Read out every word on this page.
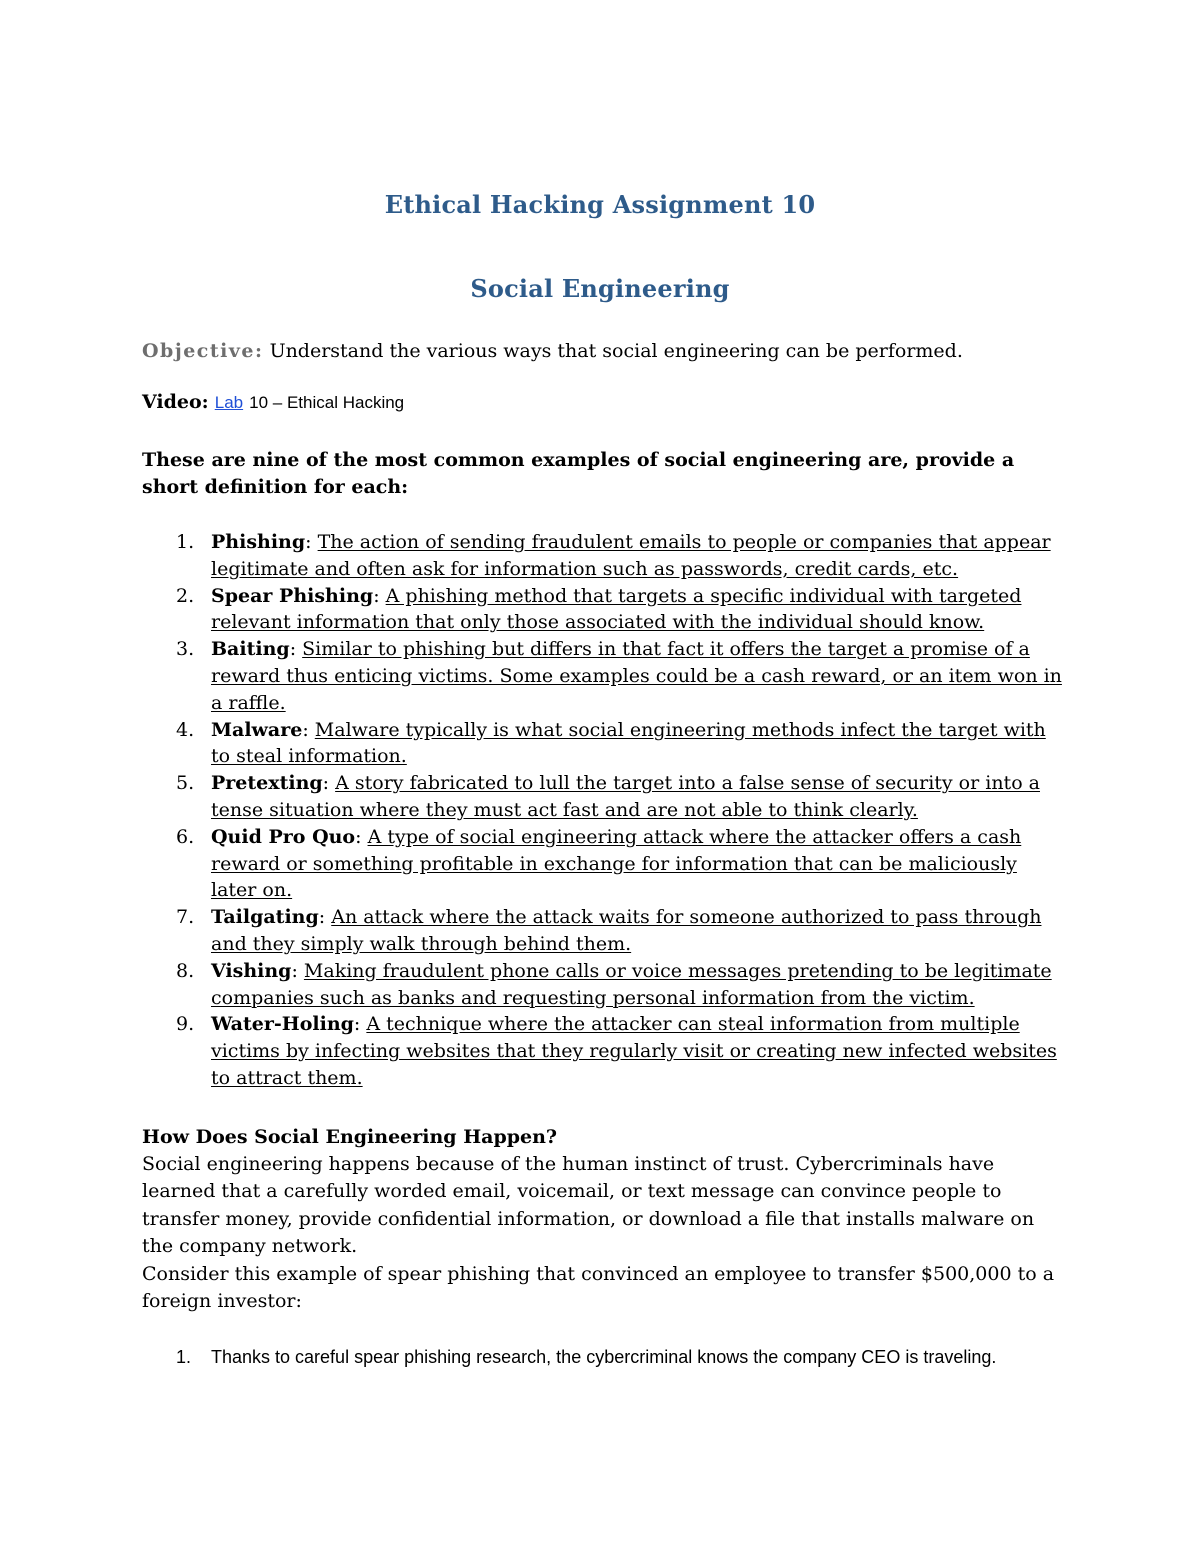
Ethical Hacking Assignment 10
Social Engineering
Objective: Understand the various ways that social engineering can be performed.
Video: Lab 10 – Ethical Hacking
These are nine of the most common examples of social engineering are, provide a short definition for each:
1. Phishing: The action of sending fraudulent emails to people or companies that appear legitimate and often ask for information such as passwords, credit cards, etc.
2. Spear Phishing: A phishing method that targets a specific individual with targeted relevant information that only those associated with the individual should know.
3. Baiting: Similar to phishing but differs in that fact it offers the target a promise of a reward thus enticing victims. Some examples could be a cash reward, or an item won in a raffle.
4. Malware: Malware typically is what social engineering methods infect the target with to steal information.
5. Pretexting: A story fabricated to lull the target into a false sense of security or into a tense situation where they must act fast and are not able to think clearly.
6. Quid Pro Quo: A type of social engineering attack where the attacker offers a cash reward or something profitable in exchange for information that can be maliciously later on.
7. Tailgating: An attack where the attack waits for someone authorized to pass through and they simply walk through behind them.
8. Vishing: Making fraudulent phone calls or voice messages pretending to be legitimate companies such as banks and requesting personal information from the victim.
9. Water-Holing: A technique where the attacker can steal information from multiple victims by infecting websites that they regularly visit or creating new infected websites to attract them.
How Does Social Engineering Happen?
Social engineering happens because of the human instinct of trust. Cybercriminals have learned that a carefully worded email, voicemail, or text message can convince people to transfer money, provide confidential information, or download a file that installs malware on the company network.
Consider this example of spear phishing that convinced an employee to transfer $500,000 to a foreign investor:
1. Thanks to careful spear phishing research, the cybercriminal knows the company CEO is traveling.
